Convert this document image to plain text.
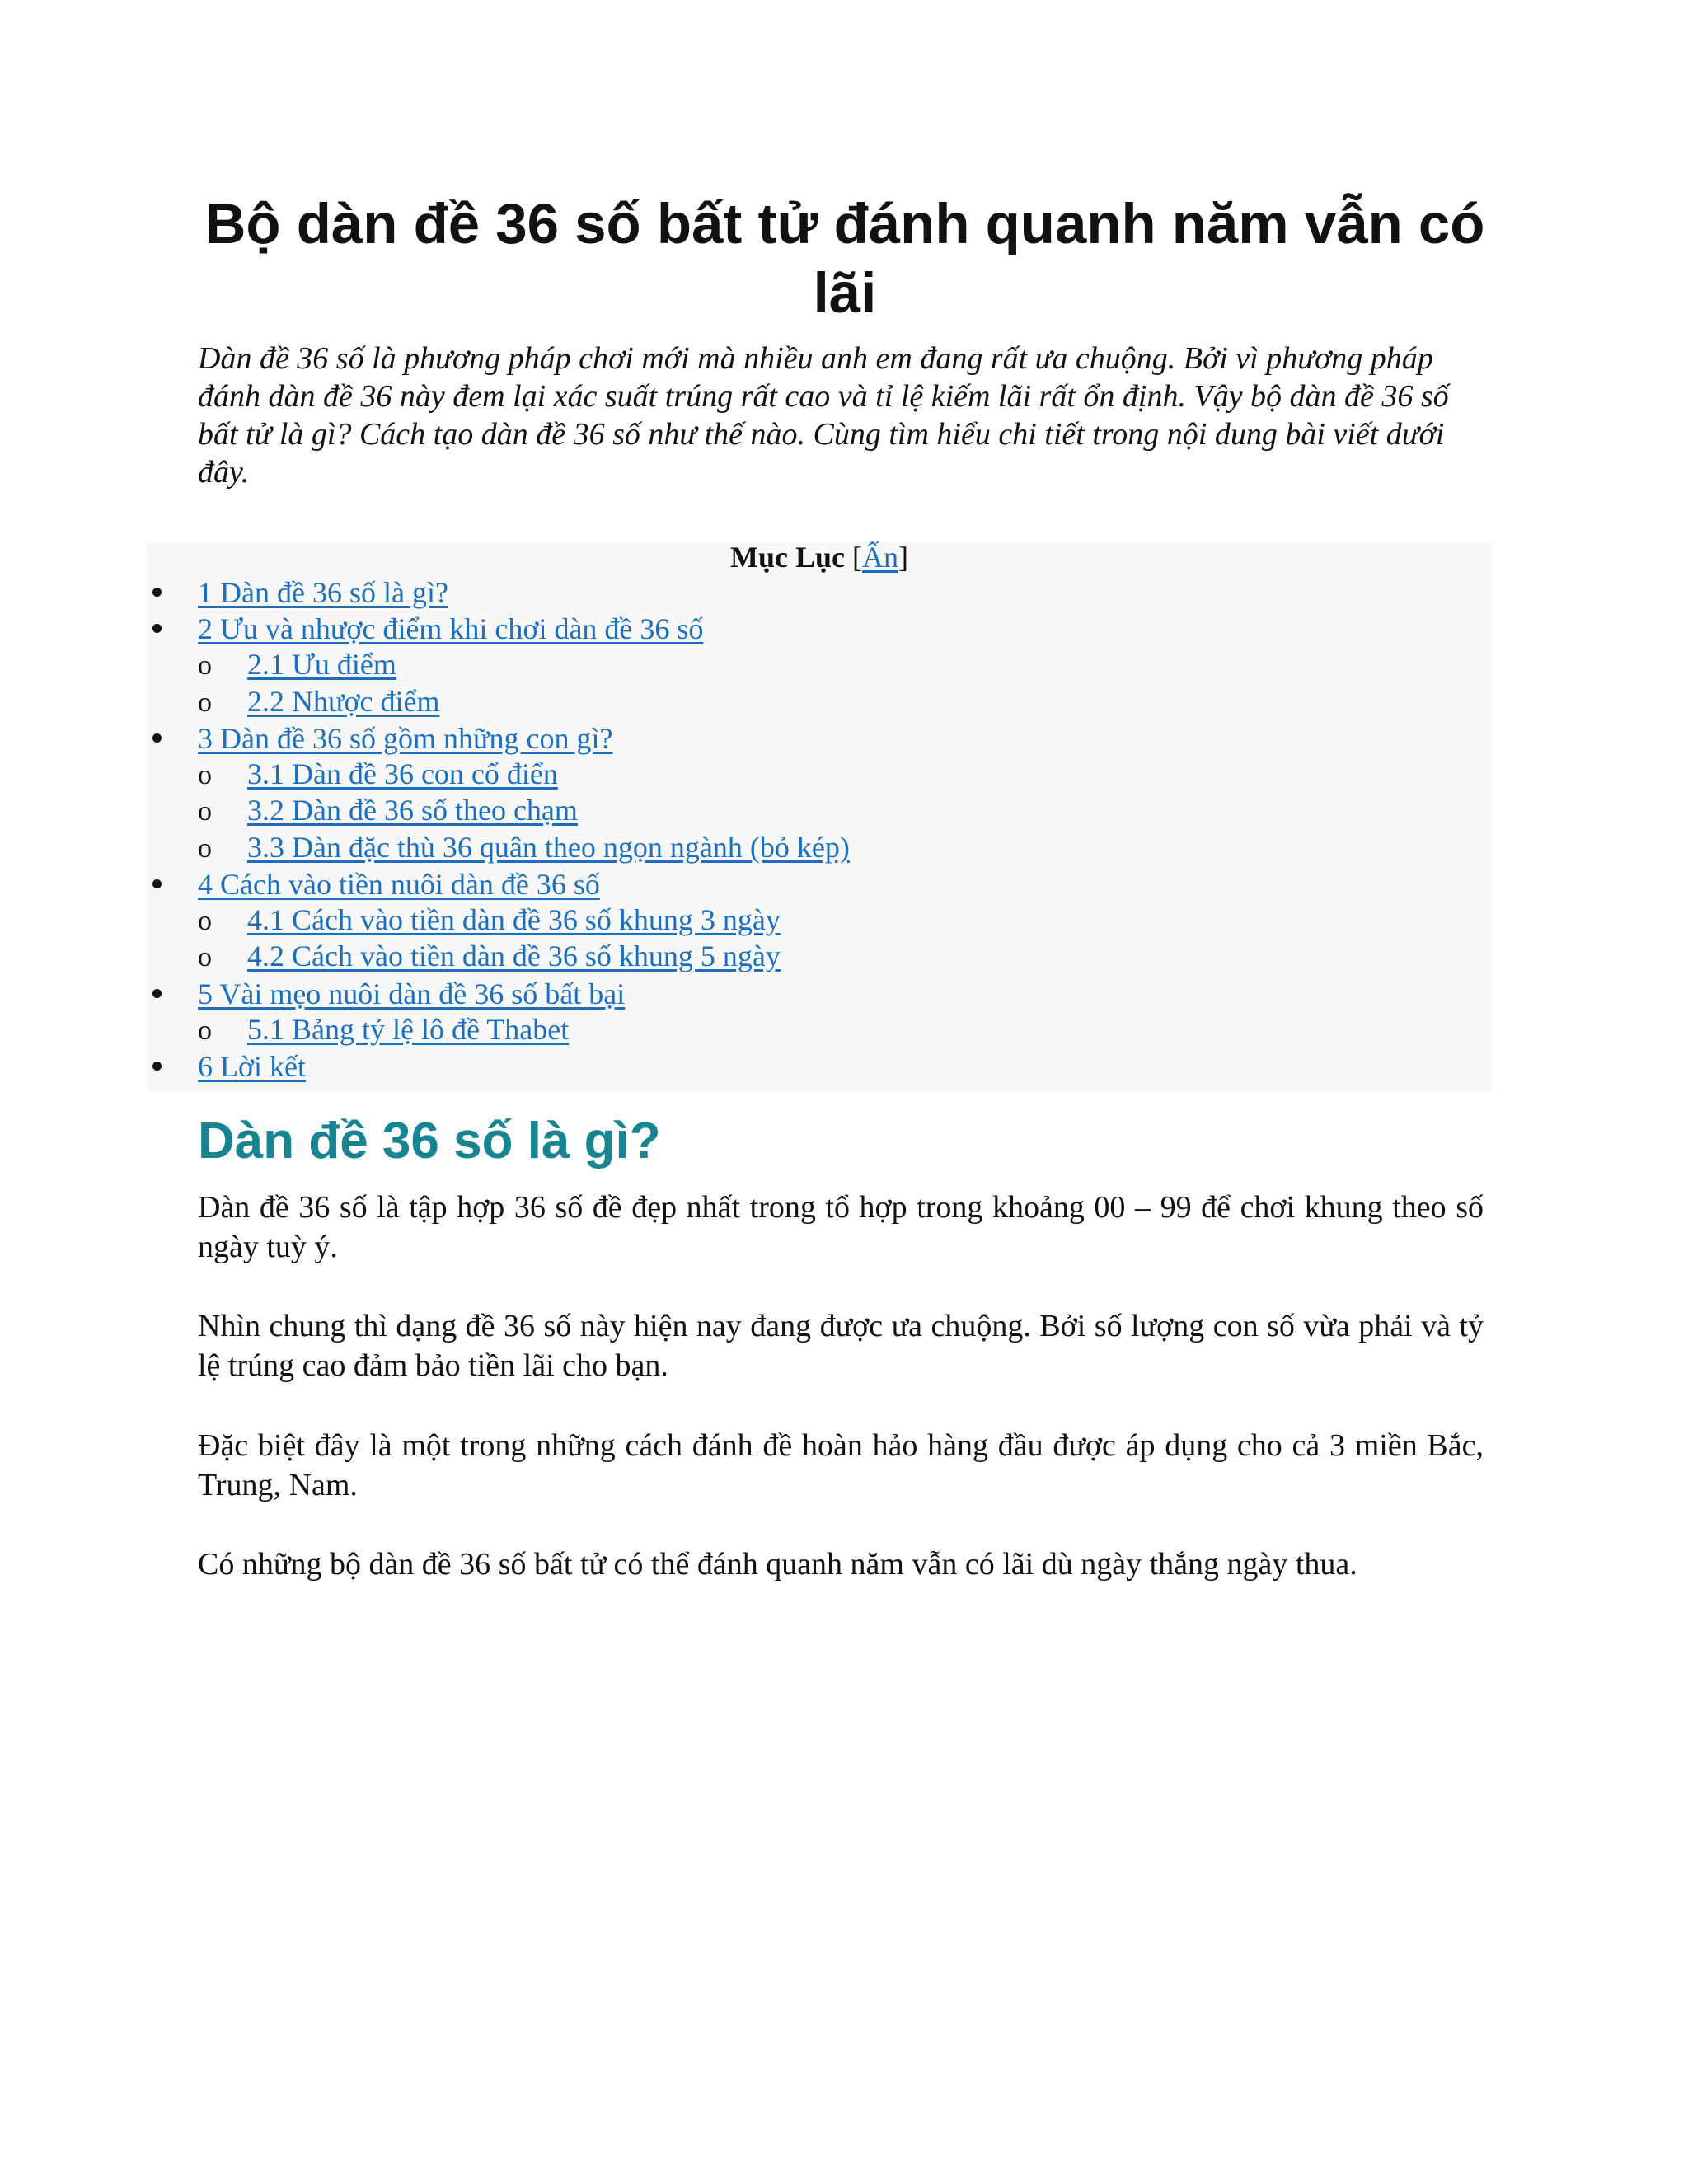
Bộ dàn đề 36 số bất tử đánh quanh năm vẫn có lãi

Dàn đề 36 số là phương pháp chơi mới mà nhiều anh em đang rất ưa chuộng. Bởi vì phương pháp đánh dàn đề 36 này đem lại xác suất trúng rất cao và tỉ lệ kiếm lãi rất ổn định. Vậy bộ dàn đề 36 số bất tử là gì? Cách tạo dàn đề 36 số như thế nào. Cùng tìm hiểu chi tiết trong nội dung bài viết dưới đây.

Mục Lục [Ẩn]
1 Dàn đề 36 số là gì?
2 Ưu và nhược điểm khi chơi dàn đề 36 số
o 2.1 Ưu điểm
o 2.2 Nhược điểm
3 Dàn đề 36 số gồm những con gì?
o 3.1 Dàn đề 36 con cổ điển
o 3.2 Dàn đề 36 số theo chạm
o 3.3 Dàn đặc thù 36 quân theo ngọn ngành (bỏ kép)
4 Cách vào tiền nuôi dàn đề 36 số
o 4.1 Cách vào tiền dàn đề 36 số khung 3 ngày
o 4.2 Cách vào tiền dàn đề 36 số khung 5 ngày
5 Vài mẹo nuôi dàn đề 36 số bất bại
o 5.1 Bảng tỷ lệ lô đề Thabet
6 Lời kết
Dàn đề 36 số là gì?

Dàn đề 36 số là tập hợp 36 số đề đẹp nhất trong tổ hợp trong khoảng 00 – 99 để chơi khung theo số ngày tuỳ ý.

Nhìn chung thì dạng đề 36 số này hiện nay đang được ưa chuộng. Bởi số lượng con số vừa phải và tỷ lệ trúng cao đảm bảo tiền lãi cho bạn.

Đặc biệt đây là một trong những cách đánh đề hoàn hảo hàng đầu được áp dụng cho cả 3 miền Bắc, Trung, Nam.

Có những bộ dàn đề 36 số bất tử có thể đánh quanh năm vẫn có lãi dù ngày thắng ngày thua.
